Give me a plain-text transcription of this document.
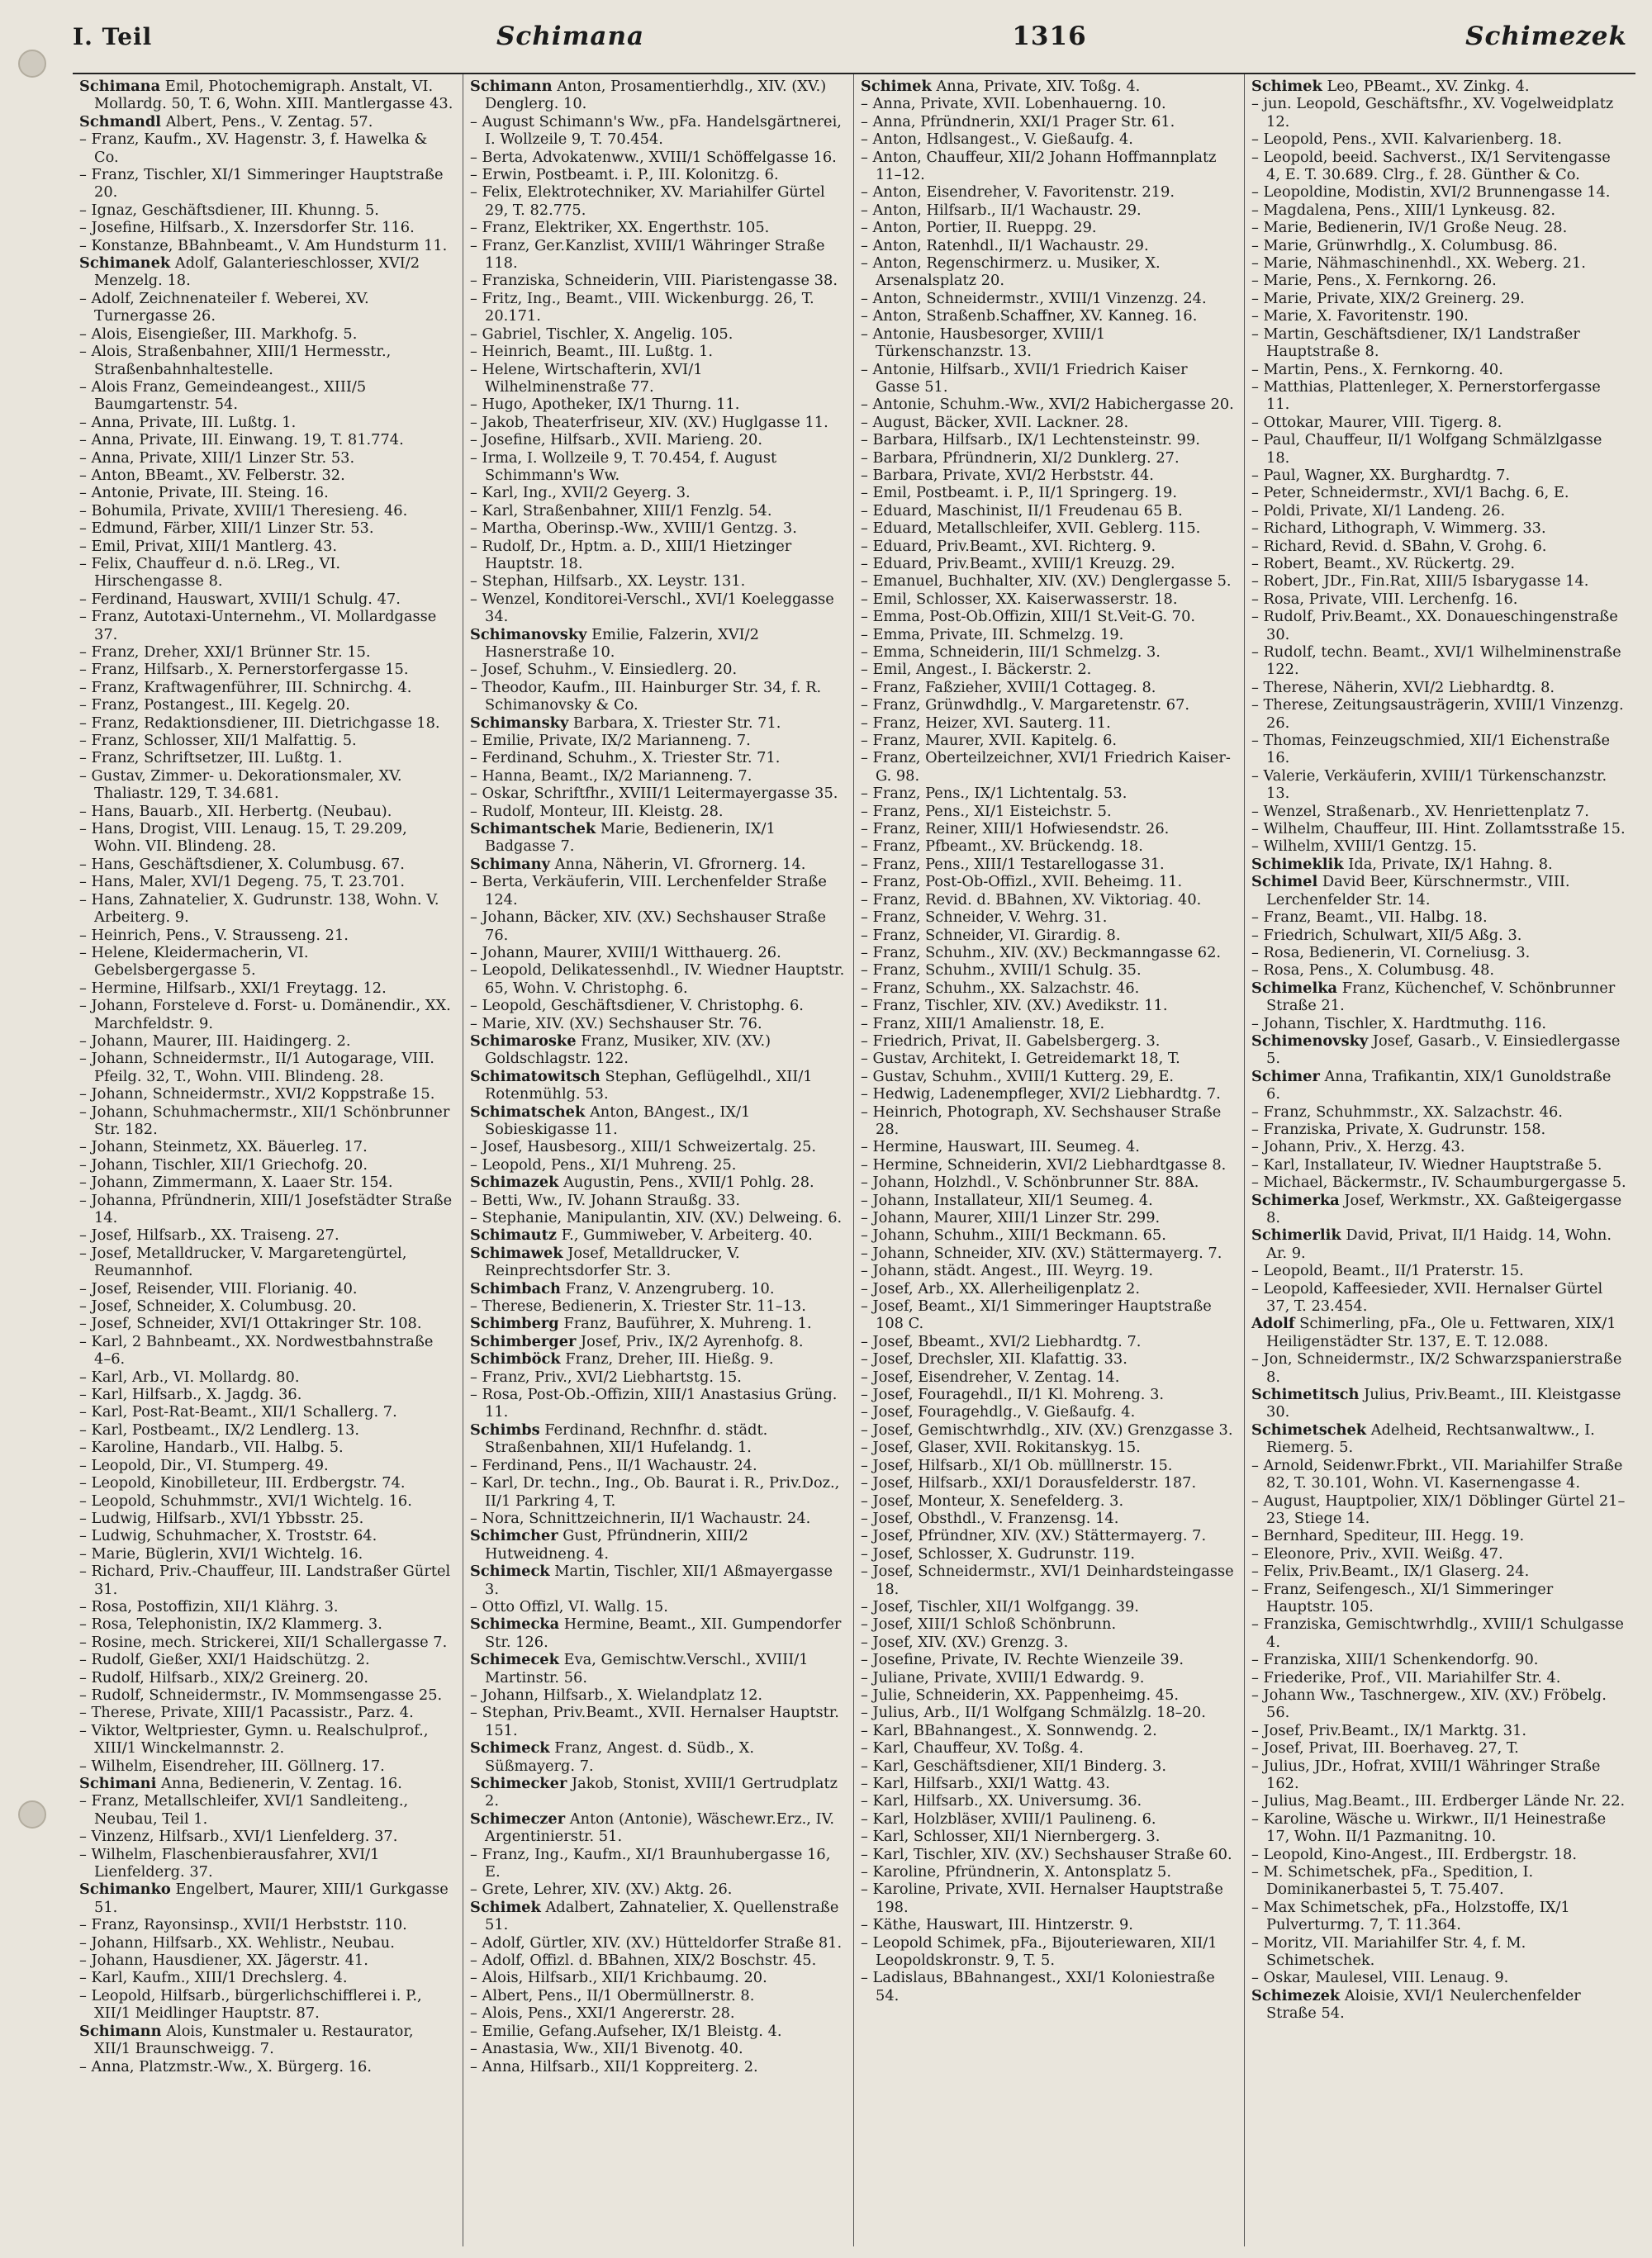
I. Teil	Schimana	1316	Schimezek

Schimana Emil, Photochemigraph. Anstalt, VI. Mollardg. 50, T. 6, Wohn. XIII. Mantlergasse 43.

Schmandl Albert, Pens., V. Zentag. 57.

– Franz, Kaufm., XV. Hagenstr. 3, f. Hawelka & Co.

– Franz, Tischler, XI/1 Simmeringer Hauptstraße 20.

– Ignaz, Geschäftsdiener, III. Khunng. 5.

– Josefine, Hilfsarb., X. Inzersdorfer Str. 116.

– Konstanze, BBahnbeamt., V. Am Hundsturm 11.

Schimanek Adolf, Galanterieschlosser, XVI/2 Menzelg. 18.

– Adolf, Zeichnenateiler f. Weberei, XV. Turnergasse 26.

– Alois, Eisengießer, III. Markhofg. 5.

– Alois, Straßenbahner, XIII/1 Hermesstr., Straßenbahnhaltestelle.

– Alois Franz, Gemeindeangest., XIII/5 Baumgartenstr. 54.

– Anna, Private, III. Lußtg. 1.

– Anna, Private, III. Einwang. 19, T. 81.774.

– Anna, Private, XIII/1 Linzer Str. 53.

– Anton, BBeamt., XV. Felberstr. 32.

– Antonie, Private, III. Steing. 16.

– Bohumila, Private, XVIII/1 Theresieng. 46.

– Edmund, Färber, XIII/1 Linzer Str. 53.

– Emil, Privat, XIII/1 Mantlerg. 43.

– Felix, Chauffeur d. n.ö. LReg., VI. Hirschengasse 8.

– Ferdinand, Hauswart, XVIII/1 Schulg. 47.

– Franz, Autotaxi-Unternehm., VI. Mollardgasse 37.

– Franz, Dreher, XXI/1 Brünner Str. 15.

– Franz, Hilfsarb., X. Pernerstorfergasse 15.

– Franz, Kraftwagenführer, III. Schnirchg. 4.

– Franz, Postangest., III. Kegelg. 20.

– Franz, Redaktionsdiener, III. Dietrichgasse 18.

– Franz, Schlosser, XII/1 Malfattig. 5.

– Franz, Schriftsetzer, III. Lußtg. 1.

– Gustav, Zimmer- u. Dekorationsmaler, XV. Thaliastr. 129, T. 34.681.

– Hans, Bauarb., XII. Herbertg. (Neubau).

– Hans, Drogist, VIII. Lenaug. 15, T. 29.209, Wohn. VII. Blindeng. 28.

– Hans, Geschäftsdiener, X. Columbusg. 67.

– Hans, Maler, XVI/1 Degeng. 75, T. 23.701.

– Hans, Zahnatelier, X. Gudrunstr. 138, Wohn. V. Arbeiterg. 9.

– Heinrich, Pens., V. Strausseng. 21.

– Helene, Kleidermacherin, VI. Gebelsbergergasse 5.

– Hermine, Hilfsarb., XXI/1 Freytagg. 12.

– Johann, Forsteleve d. Forst- u. Domänendir., XX. Marchfeldstr. 9.

– Johann, Maurer, III. Haidingerg. 2.

– Johann, Schneidermstr., II/1 Autogarage, VIII. Pfeilg. 32, T., Wohn. VIII. Blindeng. 28.

– Johann, Schneidermstr., XVI/2 Koppstraße 15.

– Johann, Schuhmachermstr., XII/1 Schönbrunner Str. 182.

– Johann, Steinmetz, XX. Bäuerleg. 17.

– Johann, Tischler, XII/1 Griechofg. 20.

– Johann, Zimmermann, X. Laaer Str. 154.

– Johanna, Pfründnerin, XIII/1 Josefstädter Straße 14.

– Josef, Hilfsarb., XX. Traiseng. 27.

– Josef, Metalldrucker, V. Margaretengürtel, Reumannhof.

– Josef, Reisender, VIII. Florianig. 40.

– Josef, Schneider, X. Columbusg. 20.

– Josef, Schneider, XVI/1 Ottakringer Str. 108.

– Karl, 2 Bahnbeamt., XX. Nordwestbahnstraße 4–6.

– Karl, Arb., VI. Mollardg. 80.

– Karl, Hilfsarb., X. Jagdg. 36.

– Karl, Post-Rat-Beamt., XII/1 Schallerg. 7.

– Karl, Postbeamt., IX/2 Lendlerg. 13.

– Karoline, Handarb., VII. Halbg. 5.

– Leopold, Dir., VI. Stumperg. 49.

– Leopold, Kinobilleteur, III. Erdbergstr. 74.

– Leopold, Schuhmmstr., XVI/1 Wichtelg. 16.

– Ludwig, Hilfsarb., XVI/1 Ybbsstr. 25.

– Ludwig, Schuhmacher, X. Troststr. 64.

– Marie, Büglerin, XVI/1 Wichtelg. 16.

– Richard, Priv.-Chauffeur, III. Landstraßer Gürtel 31.

– Rosa, Postoffizin, XII/1 Klährg. 3.

– Rosa, Telephonistin, IX/2 Klammerg. 3.

– Rosine, mech. Strickerei, XII/1 Schallergasse 7.

– Rudolf, Gießer, XXI/1 Haidschützg. 2.

– Rudolf, Hilfsarb., XIX/2 Greinerg. 20.

– Rudolf, Schneidermstr., IV. Mommsengasse 25.

– Therese, Private, XIII/1 Pacassistr., Parz. 4.

– Viktor, Weltpriester, Gymn. u. Realschulprof., XIII/1 Winckelmannstr. 2.

– Wilhelm, Eisendreher, III. Göllnerg. 17.

Schimani Anna, Bedienerin, V. Zentag. 16.

– Franz, Metallschleifer, XVI/1 Sandleiteng., Neubau, Teil 1.

– Vinzenz, Hilfsarb., XVI/1 Lienfelderg. 37.

– Wilhelm, Flaschenbierausfahrer, XVI/1 Lienfelderg. 37.

Schimanko Engelbert, Maurer, XIII/1 Gurkgasse 51.

– Franz, Rayonsinsp., XVII/1 Herbststr. 110.

– Johann, Hilfsarb., XX. Wehlistr., Neubau.

– Johann, Hausdiener, XX. Jägerstr. 41.

– Karl, Kaufm., XIII/1 Drechslerg. 4.

– Leopold, Hilfsarb., bürgerlichschifflerei i. P., XII/1 Meidlinger Hauptstr. 87.

Schimann Alois, Kunstmaler u. Restaurator, XII/1 Braunschweigg. 7.

– Anna, Platzmstr.-Ww., X. Bürgerg. 16.

Schimann Anton, Prosamentierhdlg., XIV. (XV.) Denglerg. 10.

– August Schimann's Ww., pFa. Handelsgärtnerei, I. Wollzeile 9, T. 70.454.

– Berta, Advokatenww., XVIII/1 Schöffelgasse 16.

– Erwin, Postbeamt. i. P., III. Kolonitzg. 6.

– Felix, Elektrotechniker, XV. Mariahilfer Gürtel 29, T. 82.775.

– Franz, Elektriker, XX. Engerthstr. 105.

– Franz, Ger.Kanzlist, XVIII/1 Währinger Straße 118.

– Franziska, Schneiderin, VIII. Piaristengasse 38.

– Fritz, Ing., Beamt., VIII. Wickenburgg. 26, T. 20.171.

– Gabriel, Tischler, X. Angelig. 105.

– Heinrich, Beamt., III. Lußtg. 1.

– Helene, Wirtschafterin, XVI/1 Wilhelminenstraße 77.

– Hugo, Apotheker, IX/1 Thurng. 11.

– Jakob, Theaterfriseur, XIV. (XV.) Huglgasse 11.

– Josefine, Hilfsarb., XVII. Marieng. 20.

– Irma, I. Wollzeile 9, T. 70.454, f. August Schimmann's Ww.

– Karl, Ing., XVII/2 Geyerg. 3.

– Karl, Straßenbahner, XIII/1 Fenzlg. 54.

– Martha, Oberinsp.-Ww., XVIII/1 Gentzg. 3.

– Rudolf, Dr., Hptm. a. D., XIII/1 Hietzinger Hauptstr. 18.

– Stephan, Hilfsarb., XX. Leystr. 131.

– Wenzel, Konditorei-Verschl., XVI/1 Koeleggasse 34.

Schimanovsky Emilie, Falzerin, XVI/2 Hasnerstraße 10.

– Josef, Schuhm., V. Einsiedlerg. 20.

– Theodor, Kaufm., III. Hainburger Str. 34, f. R. Schimanovsky & Co.

Schimansky Barbara, X. Triester Str. 71.

– Emilie, Private, IX/2 Marianneng. 7.

– Ferdinand, Schuhm., X. Triester Str. 71.

– Hanna, Beamt., IX/2 Marianneng. 7.

– Oskar, Schriftfhr., XVIII/1 Leitermayergasse 35.

– Rudolf, Monteur, III. Kleistg. 28.

Schimantschek Marie, Bedienerin, IX/1 Badgasse 7.

Schimany Anna, Näherin, VI. Gfrornerg. 14.

– Berta, Verkäuferin, VIII. Lerchenfelder Straße 124.

– Johann, Bäcker, XIV. (XV.) Sechshauser Straße 76.

– Johann, Maurer, XVIII/1 Witthauerg. 26.

– Leopold, Delikatessenhdl., IV. Wiedner Hauptstr. 65, Wohn. V. Christophg. 6.

– Leopold, Geschäftsdiener, V. Christophg. 6.

– Marie, XIV. (XV.) Sechshauser Str. 76.

Schimaroske Franz, Musiker, XIV. (XV.) Goldschlagstr. 122.

Schimatowitsch Stephan, Geflügelhdl., XII/1 Rotenmühlg. 53.

Schimatschek Anton, BAngest., IX/1 Sobieskigasse 11.

– Josef, Hausbesorg., XIII/1 Schweizertalg. 25.

– Leopold, Pens., XI/1 Muhreng. 25.

Schimazek Augustin, Pens., XVII/1 Pohlg. 28.

– Betti, Ww., IV. Johann Straußg. 33.

– Stephanie, Manipulantin, XIV. (XV.) Delweing. 6.

Schimautz F., Gummiweber, V. Arbeiterg. 40.

Schimawek Josef, Metalldrucker, V. Reinprechtsdorfer Str. 3.

Schimbach Franz, V. Anzengruberg. 10.

– Therese, Bedienerin, X. Triester Str. 11–13.

Schimberg Franz, Bauführer, X. Muhreng. 1.

Schimberger Josef, Priv., IX/2 Ayrenhofg. 8.

Schimböck Franz, Dreher, III. Hießg. 9.

– Franz, Priv., XVI/2 Liebhartstg. 15.

– Rosa, Post-Ob.-Offizin, XIII/1 Anastasius Grüng. 11.

Schimbs Ferdinand, Rechnfhr. d. städt. Straßenbahnen, XII/1 Hufelandg. 1.

– Ferdinand, Pens., II/1 Wachaustr. 24.

– Karl, Dr. techn., Ing., Ob. Baurat i. R., Priv.Doz., II/1 Parkring 4, T.

– Nora, Schnittzeichnerin, II/1 Wachaustr. 24.

Schimcher Gust, Pfründnerin, XIII/2 Hutweidneng. 4.

Schimeck Martin, Tischler, XII/1 Aßmayergasse 3.

– Otto Offizl, VI. Wallg. 15.

Schimecka Hermine, Beamt., XII. Gumpendorfer Str. 126.

Schimecek Eva, Gemischtw.Verschl., XVIII/1 Martinstr. 56.

– Johann, Hilfsarb., X. Wielandplatz 12.

– Stephan, Priv.Beamt., XVII. Hernalser Hauptstr. 151.

Schimeck Franz, Angest. d. Südb., X. Süßmayerg. 7.

Schimecker Jakob, Stonist, XVIII/1 Gertrudplatz 2.

Schimeczer Anton (Antonie), Wäschewr.Erz., IV. Argentinierstr. 51.

– Franz, Ing., Kaufm., XI/1 Braunhubergasse 16, E.

– Grete, Lehrer, XIV. (XV.) Aktg. 26.

Schimek Adalbert, Zahnatelier, X. Quellenstraße 51.

– Adolf, Gürtler, XIV. (XV.) Hütteldorfer Straße 81.

– Adolf, Offizl. d. BBahnen, XIX/2 Boschstr. 45.

– Alois, Hilfsarb., XII/1 Krichbaumg. 20.

– Albert, Pens., II/1 Obermüllnerstr. 8.

– Alois, Pens., XXI/1 Angererstr. 28.

– Emilie, Gefang.Aufseher, IX/1 Bleistg. 4.

– Anastasia, Ww., XII/1 Bivenotg. 40.

– Anna, Hilfsarb., XII/1 Koppreiterg. 2.

Schimek Anna, Private, XIV. Toßg. 4.

– Anna, Private, XVII. Lobenhauerng. 10.

– Anna, Pfründnerin, XXI/1 Prager Str. 61.

– Anton, Hdlsangest., V. Gießaufg. 4.

– Anton, Chauffeur, XII/2 Johann Hoffmannplatz 11–12.

– Anton, Eisendreher, V. Favoritenstr. 219.

– Anton, Hilfsarb., II/1 Wachaustr. 29.

– Anton, Portier, II. Rueppg. 29.

– Anton, Ratenhdl., II/1 Wachaustr. 29.

– Anton, Regenschirmerz. u. Musiker, X. Arsenalsplatz 20.

– Anton, Schneidermstr., XVIII/1 Vinzenzg. 24.

– Anton, Straßenb.Schaffner, XV. Kanneg. 16.

– Antonie, Hausbesorger, XVIII/1 Türkenschanzstr. 13.

– Antonie, Hilfsarb., XVII/1 Friedrich Kaiser Gasse 51.

– Antonie, Schuhm.-Ww., XVI/2 Habichergasse 20.

– August, Bäcker, XVII. Lackner. 28.

– Barbara, Hilfsarb., IX/1 Lechtensteinstr. 99.

– Barbara, Pfründnerin, XI/2 Dunklerg. 27.

– Barbara, Private, XVI/2 Herbststr. 44.

– Emil, Postbeamt. i. P., II/1 Springerg. 19.

– Eduard, Maschinist, II/1 Freudenau 65 B.

– Eduard, Metallschleifer, XVII. Geblerg. 115.

– Eduard, Priv.Beamt., XVI. Richterg. 9.

– Eduard, Priv.Beamt., XVIII/1 Kreuzg. 29.

– Emanuel, Buchhalter, XIV. (XV.) Denglergasse 5.

– Emil, Schlosser, XX. Kaiserwasserstr. 18.

– Emma, Post-Ob.Offizin, XIII/1 St.Veit-G. 70.

– Emma, Private, III. Schmelzg. 19.

– Emma, Schneiderin, III/1 Schmelzg. 3.

– Emil, Angest., I. Bäckerstr. 2.

– Franz, Faßzieher, XVIII/1 Cottageg. 8.

– Franz, Grünwdhdlg., V. Margaretenstr. 67.

– Franz, Heizer, XVI. Sauterg. 11.

– Franz, Maurer, XVII. Kapitelg. 6.

– Franz, Oberteilzeichner, XVI/1 Friedrich Kaiser-G. 98.

– Franz, Pens., IX/1 Lichtentalg. 53.

– Franz, Pens., XI/1 Eisteichstr. 5.

– Franz, Reiner, XIII/1 Hofwiesendstr. 26.

– Franz, Pfbeamt., XV. Brückendg. 18.

– Franz, Pens., XIII/1 Testarellogasse 31.

– Franz, Post-Ob-Offizl., XVII. Beheimg. 11.

– Franz, Revid. d. BBahnen, XV. Viktoriag. 40.

– Franz, Schneider, V. Wehrg. 31.

– Franz, Schneider, VI. Girardig. 8.

– Franz, Schuhm., XIV. (XV.) Beckmanngasse 62.

– Franz, Schuhm., XVIII/1 Schulg. 35.

– Franz, Schuhm., XX. Salzachstr. 46.

– Franz, Tischler, XIV. (XV.) Avedikstr. 11.

– Franz, XIII/1 Amalienstr. 18, E.

– Friedrich, Privat, II. Gabelsbergerg. 3.

– Gustav, Architekt, I. Getreidemarkt 18, T.

– Gustav, Schuhm., XVIII/1 Kutterg. 29, E.

– Hedwig, Ladenempfleger, XVI/2 Liebhardtg. 7.

– Heinrich, Photograph, XV. Sechshauser Straße 28.

– Hermine, Hauswart, III. Seumeg. 4.

– Hermine, Schneiderin, XVI/2 Liebhardtgasse 8.

– Johann, Holzhdl., V. Schönbrunner Str. 88A.

– Johann, Installateur, XII/1 Seumeg. 4.

– Johann, Maurer, XIII/1 Linzer Str. 299.

– Johann, Schuhm., XIII/1 Beckmann. 65.

– Johann, Schneider, XIV. (XV.) Stättermayerg. 7.

– Johann, städt. Angest., III. Weyrg. 19.

– Josef, Arb., XX. Allerheiligenplatz 2.

– Josef, Beamt., XI/1 Simmeringer Hauptstraße 108 C.

– Josef, Bbeamt., XVI/2 Liebhardtg. 7.

– Josef, Drechsler, XII. Klafattig. 33.

– Josef, Eisendreher, V. Zentag. 14.

– Josef, Fouragehdl., II/1 Kl. Mohreng. 3.

– Josef, Fouragehdlg., V. Gießaufg. 4.

– Josef, Gemischtwrhdlg., XIV. (XV.) Grenzgasse 3.

– Josef, Glaser, XVII. Rokitanskyg. 15.

– Josef, Hilfsarb., XI/1 Ob. mülllnerstr. 15.

– Josef, Hilfsarb., XXI/1 Dorausfelderstr. 187.

– Josef, Monteur, X. Senefelderg. 3.

– Josef, Obsthdl., V. Franzensg. 14.

– Josef, Pfründner, XIV. (XV.) Stättermayerg. 7.

– Josef, Schlosser, X. Gudrunstr. 119.

– Josef, Schneidermstr., XVI/1 Deinhardsteingasse 18.

– Josef, Tischler, XII/1 Wolfgangg. 39.

– Josef, XIII/1 Schloß Schönbrunn.

– Josef, XIV. (XV.) Grenzg. 3.

– Josefine, Private, IV. Rechte Wienzeile 39.

– Juliane, Private, XVIII/1 Edwardg. 9.

– Julie, Schneiderin, XX. Pappenheimg. 45.

– Julius, Arb., II/1 Wolfgang Schmälzlg. 18–20.

– Karl, BBahnangest., X. Sonnwendg. 2.

– Karl, Chauffeur, XV. Toßg. 4.

– Karl, Geschäftsdiener, XII/1 Binderg. 3.

– Karl, Hilfsarb., XXI/1 Wattg. 43.

– Karl, Hilfsarb., XX. Universumg. 36.

– Karl, Holzbläser, XVIII/1 Paulineng. 6.

– Karl, Schlosser, XII/1 Niernbergerg. 3.

– Karl, Tischler, XIV. (XV.) Sechshauser Straße 60.

– Karoline, Pfründnerin, X. Antonsplatz 5.

– Karoline, Private, XVII. Hernalser Hauptstraße 198.

– Käthe, Hauswart, III. Hintzerstr. 9.

– Leopold Schimek, pFa., Bijouteriewaren, XII/1 Leopoldskronstr. 9, T. 5.

– Ladislaus, BBahnangest., XXI/1 Koloniestraße 54.

Schimek Leo, PBeamt., XV. Zinkg. 4.

– jun. Leopold, Geschäftsfhr., XV. Vogelweidplatz 12.

– Leopold, Pens., XVII. Kalvarienberg. 18.

– Leopold, beeid. Sachverst., IX/1 Servitengasse 4, E. T. 30.689. Clrg., f. 28. Günther & Co.

– Leopoldine, Modistin, XVI/2 Brunnengasse 14.

– Magdalena, Pens., XIII/1 Lynkeusg. 82.

– Marie, Bedienerin, IV/1 Große Neug. 28.

– Marie, Grünwrhdlg., X. Columbusg. 86.

– Marie, Nähmaschinenhdl., XX. Weberg. 21.

– Marie, Pens., X. Fernkorng. 26.

– Marie, Private, XIX/2 Greinerg. 29.

– Marie, X. Favoritenstr. 190.

– Martin, Geschäftsdiener, IX/1 Landstraßer Hauptstraße 8.

– Martin, Pens., X. Fernkorng. 40.

– Matthias, Plattenleger, X. Pernerstorfergasse 11.

– Ottokar, Maurer, VIII. Tigerg. 8.

– Paul, Chauffeur, II/1 Wolfgang Schmälzlgasse 18.

– Paul, Wagner, XX. Burghardtg. 7.

– Peter, Schneidermstr., XVI/1 Bachg. 6, E.

– Poldi, Private, XI/1 Landeng. 26.

– Richard, Lithograph, V. Wimmerg. 33.

– Richard, Revid. d. SBahn, V. Grohg. 6.

– Robert, Beamt., XV. Rückertg. 29.

– Robert, JDr., Fin.Rat, XIII/5 Isbarygasse 14.

– Rosa, Private, VIII. Lerchenfg. 16.

– Rudolf, Priv.Beamt., XX. Donaueschingenstraße 30.

– Rudolf, techn. Beamt., XVI/1 Wilhelminenstraße 122.

– Therese, Näherin, XVI/2 Liebhardtg. 8.

– Therese, Zeitungsausträgerin, XVIII/1 Vinzenzg. 26.

– Thomas, Feinzeugschmied, XII/1 Eichenstraße 16.

– Valerie, Verkäuferin, XVIII/1 Türkenschanzstr. 13.

– Wenzel, Straßenarb., XV. Henriettenplatz 7.

– Wilhelm, Chauffeur, III. Hint. Zollamtsstraße 15.

– Wilhelm, XVIII/1 Gentzg. 15.

Schimeklik Ida, Private, IX/1 Hahng. 8.

Schimel David Beer, Kürschnermstr., VIII. Lerchenfelder Str. 14.

– Franz, Beamt., VII. Halbg. 18.

– Friedrich, Schulwart, XII/5 Aßg. 3.

– Rosa, Bedienerin, VI. Corneliusg. 3.

– Rosa, Pens., X. Columbusg. 48.

Schimelka Franz, Küchenchef, V. Schönbrunner Straße 21.

– Johann, Tischler, X. Hardtmuthg. 116.

Schimenovsky Josef, Gasarb., V. Einsiedlergasse 5.

Schimer Anna, Trafikantin, XIX/1 Gunoldstraße 6.

– Franz, Schuhmmstr., XX. Salzachstr. 46.

– Franziska, Private, X. Gudrunstr. 158.

– Johann, Priv., X. Herzg. 43.

– Karl, Installateur, IV. Wiedner Hauptstraße 5.

– Michael, Bäckermstr., IV. Schaumburgergasse 5.

Schimerka Josef, Werkmstr., XX. Gaßteigergasse 8.

Schimerlik David, Privat, II/1 Haidg. 14, Wohn. Ar. 9.

– Leopold, Beamt., II/1 Praterstr. 15.

– Leopold, Kaffeesieder, XVII. Hernalser Gürtel 37, T. 23.454.

Adolf Schimerling, pFa., Ole u. Fettwaren, XIX/1 Heiligenstädter Str. 137, E. T. 12.088.

– Jon, Schneidermstr., IX/2 Schwarzspanierstraße 8.

Schimetitsch Julius, Priv.Beamt., III. Kleistgasse 30.

Schimetschek Adelheid, Rechtsanwaltww., I. Riemerg. 5.

– Arnold, Seidenwr.Fbrkt., VII. Mariahilfer Straße 82, T. 30.101, Wohn. VI. Kasernengasse 4.

– August, Hauptpolier, XIX/1 Döblinger Gürtel 21–23, Stiege 14.

– Bernhard, Spediteur, III. Hegg. 19.

– Eleonore, Priv., XVII. Weißg. 47.

– Felix, Priv.Beamt., IX/1 Glaserg. 24.

– Franz, Seifengesch., XI/1 Simmeringer Hauptstr. 105.

– Franziska, Gemischtwrhdlg., XVIII/1 Schulgasse 4.

– Franziska, XIII/1 Schenkendorfg. 90.

– Friederike, Prof., VII. Mariahilfer Str. 4.

– Johann Ww., Taschnergew., XIV. (XV.) Fröbelg. 56.

– Josef, Priv.Beamt., IX/1 Marktg. 31.

– Josef, Privat, III. Boerhaveg. 27, T.

– Julius, JDr., Hofrat, XVIII/1 Währinger Straße 162.

– Julius, Mag.Beamt., III. Erdberger Lände Nr. 22.

– Karoline, Wäsche u. Wirkwr., II/1 Heinestraße 17, Wohn. II/1 Pazmanitng. 10.

– Leopold, Kino-Angest., III. Erdbergstr. 18.

– M. Schimetschek, pFa., Spedition, I. Dominikanerbastei 5, T. 75.407.

– Max Schimetschek, pFa., Holzstoffe, IX/1 Pulverturmg. 7, T. 11.364.

– Moritz, VII. Mariahilfer Str. 4, f. M. Schimetschek.

– Oskar, Maulesel, VIII. Lenaug. 9.

Schimezek Aloisie, XVI/1 Neulerchenfelder Straße 54.
